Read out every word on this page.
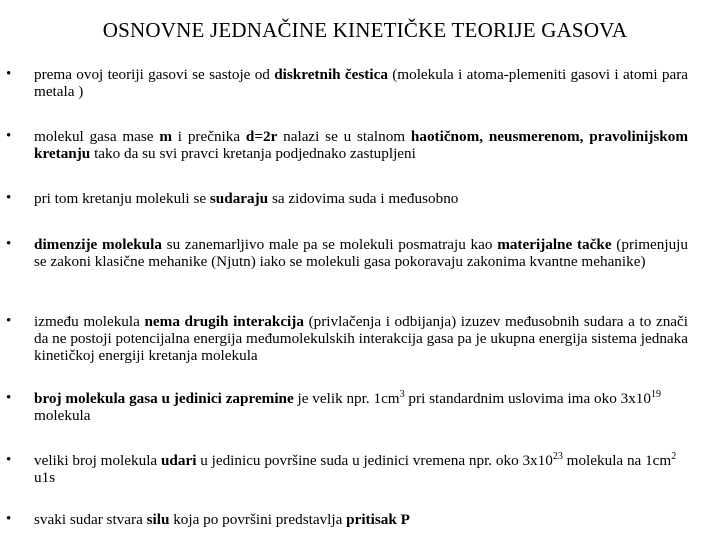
OSNOVNE JEDNAČINE KINETIČKE TEORIJE GASOVA
• prema ovoj teoriji gasovi se sastoje od diskretnih čestica (molekula i atoma-plemeniti gasovi i atomi para metala )
• molekul gasa mase m i prečnika d=2r nalazi se u stalnom haotičnom, neusmerenom, pravolinijskom kretanju tako da su svi pravci kretanja podjednako zastupljeni
• pri tom kretanju molekuli se sudaraju sa zidovima suda i međusobno
• dimenzije molekula su zanemarljivo male pa se molekuli posmatraju kao materijalne tačke (primenjuju se zakoni klasične mehanike (Njutn) iako se molekuli gasa pokoravaju zakonima kvantne mehanike)
• između molekula nema drugih interakcija (privlačenja i odbijanja) izuzev međusobnih sudara a to znači da ne postoji potencijalna energija međumolekulskih interakcija gasa pa je ukupna energija sistema jednaka kinetičkoj energiji kretanja molekula
• broj molekula gasa u jedinici zapremine je velik npr. $1cm^3$ pri standardnim uslovima ima oko $3x10^{19}$ molekula
• veliki broj molekula udari u jedinicu površine suda u jedinici vremena npr. oko $3x10^{23}$ molekula na $1cm^2$ u1s
• svaki sudar stvara silu koja po površini predstavlja pritisak P
